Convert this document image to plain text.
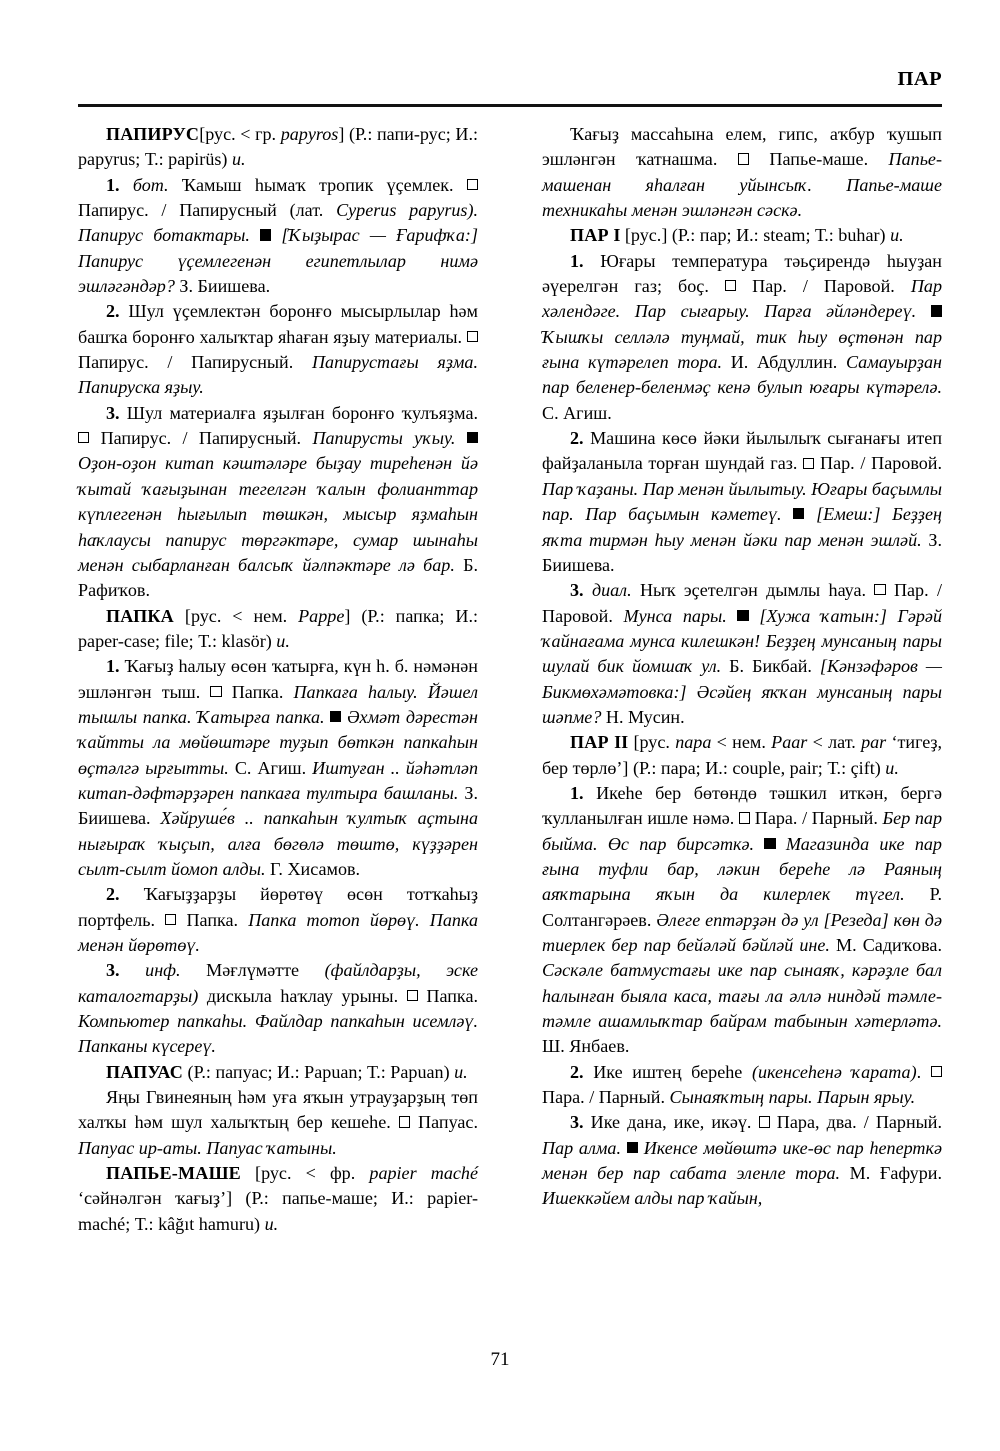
ПАР

ПАПИРУС[рус. < гр. papyros] (Р.: папи-рус; И.: papyrus; Т.: papirüs) и.

1. бот. Ҡамыш һымаҡ тропик үҫемлек.  Папирус. / Папирусный (лат. Cyperus papyrus). Папирус ботактары.  [Ҡыҙырас — Ғарифҡа:] Папирус үҫемлегенән египетлылар нимә эшләгәндәр? З. Биишева.

2. Шул үҫемлектән боронғо мысырлылар һәм башҡа боронғо халыҡтар яһаған яҙыу материалы.  Папирус. / Папирусный. Папирустағы яҙма. Папируска яҙыу.

3. Шул материалға яҙылған боронғо ҡулъяҙма.  Папирус. / Папирусный. Папирусты уҡыу.  Оҙон-оҙон китап кәштәләре быҙау тиреһенән йә ҡытай ҡағыҙынан тегелгән ҡалын фолианттар күплегенән һығылып төшкән, мысыр яҙмаһын һаҡлаусы папирус төргәктәре, сумар шынаһы менән сыбарланған балсыҡ йәлпәктәре лә бар. Б. Рафиҡов.

ПАПКА [рус. < нем. Pappe] (Р.: папка; И.: paper-case; file; Т.: klasör) и.

1. Ҡағыҙ һалыу өсөн ҡатырға, күн һ. б. нәмәнән эшләнгән тыш.  Папка. Папкаға һалыу. Йәшел тышлы папка. Ҡатырға папка.  Әхмәт дәрестән ҡайтты ла мөйөштәре туҙып бөткән папкаһын өҫтәлгә ырғытты. С. Агиш. Иштуған .. йәһәтләп китап-дәфтәрҙәрен папкаға тултыра башланы. З. Биишева. Хәйруше́в .. папкаһын ҡултыҡ аҫтына нығыраҡ ҡыҫып, алға бөгөлә төштө, күҙҙәрен сылт-сылт йомоп алды. Г. Хисамов.

2. Ҡағыҙҙарҙы йөрөтөү өсөн тотҡаһыҙ портфель.  Папка. Папка тотоп йөрөү. Папка менән йөрөтөү.

3. инф. Мәғлүмәтте (файлдарҙы, эске каталогтарҙы) дискыла һаҡлау урыны.  Папка. Компьютер папкаһы. Файлдар папкаһын исемләү. Папканы күсереү.

ПАПУАС (Р.: папуас; И.: Papuan; Т.: Papuan) и.

Яңы Гвинеяның һәм уға яҡын утрауҙарҙың төп халҡы һәм шул халыҡтың бер кешеһе.  Папуас. Папуас ир-аты. Папуас ҡатыны.

ПАПЬЕ-МАШЕ [рус. < фр. papier maché ‘сәйнәлгән ҡағыҙ’] (Р.: папье-маше; И.: papier-maché; Т.: kâğıt hamuru) и.

Ҡағыҙ массаһына елем, гипс, аҡбур ҡушып эшләнгән ҡатнашма.  Папье-маше. Папье-машенан яһалған уйынсыҡ. Папье-маше техникаһы менән эшләнгән сәскә.

ПАР I [рус.] (Р.: пар; И.: steam; Т.: buhar) и.

1. Юғары температура тәьҫирендә һыуҙан әүерелгән газ; боҫ.  Пар. / Паровой. Пар хәлендәге. Пар сығарыу. Парға әйләндереү.  Ҡышҡы селләлә туңмай, тик һыу өҫтөнән пар ғына күтәрелеп тора. И. Абдуллин. Самауырҙан пар беленер-беленмәҫ кенә булып юғары күтәрелә. С. Агиш.

2. Машина көсө йәки йылылыҡ сығанағы итеп файҙаланыла торған шундай газ.  Пар. / Паровой. Пар ҡаҙаны. Пар менән йылытыу. Юғары баҫымлы пар. Пар баҫымын кәметеү.  [Емеш:] Беҙҙең яҡта тирмән һыу менән йәки пар менән эшләй. З. Биишева.

3. диал. Ныҡ эҫетелгән дымлы һауа.  Пар. / Паровой. Мунса пары.  [Хужа ҡатын:] Гәрәй ҡайнағама мунса килешкән! Беҙҙең мунсаның пары шулай бик йомшаҡ ул. Б. Бикбай. [Кәнзәфәров — Бикмөхәмәтовка:] Әсәйең яҡҡан мунсаның пары шәпме? Н. Мусин.

ПАР II [рус. пара < нем. Paar < лат. par ‘тигеҙ, бер төрлө’] (Р.: пара; И.: couple, pair; Т.: çift) и.

1. Икеһе бер бөтөндө тәшкил иткән, бергә ҡулланылған ишле нәмә.  Пара. / Парный. Бер пар быйма. Өс пар бирсәткә.  Магазинда ике пар ғына туфли бар, ләкин береһе лә Раяның аяҡтарына яҡын да килерлек түгел. Р. Солтангәрәев. Әлеге ептәрҙән дә ул [Резеда] көн дә тиерлек бер пар бейәләй бәйләй ине. М. Садиҡова. Сәскәле батмустағы ике пар сынаяҡ, кәрәҙле бал һалынған быяла каса, тағы ла әллә ниндәй тәмле-тәмле ашамлыҡтар байрам табынын хәтерләтә. Ш. Янбаев.

2. Ике иштең береһе (икенсеһенә ҡарата).  Пара. / Парный. Сынаяҡтың пары. Парын ярыу.

3. Ике дана, ике, икәү.  Пара, два. / Парный. Пар алма.  Икенсе мөйөштә ике-өс пар һеперткә менән бер пар сабата эленле тора. М. Ғафури. Ишеккәйем алды пар ҡайын,

71
